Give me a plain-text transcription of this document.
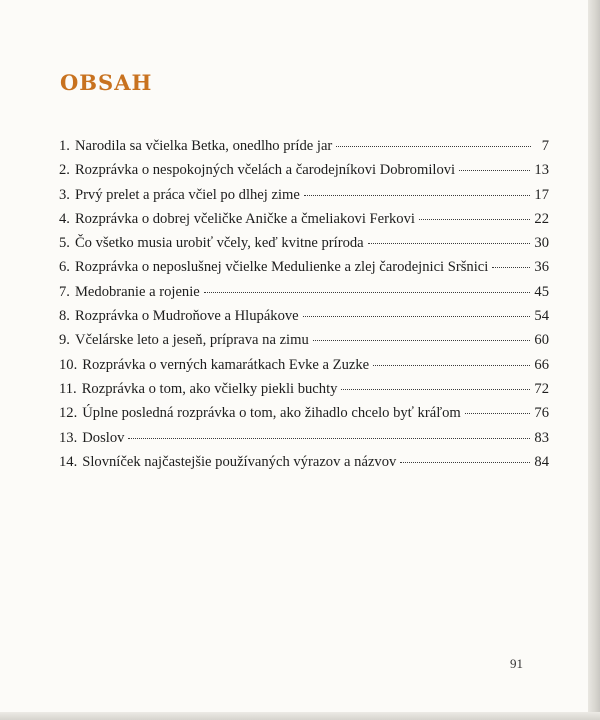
OBSAH
1. Narodila sa včielka Betka, onedlho príde jar	7
2. Rozprávka o nespokojných včelách a čarodejníkovi Dobromilovi	13
3. Prvý prelet a práca včiel po dlhej zime	17
4. Rozprávka o dobrej včeličke Aničke a čmeliakovi Ferkovi	22
5. Čo všetko musia urobiť včely, keď kvitne príroda	30
6. Rozprávka o neposlušnej včielke Medulienke a zlej čarodejnici Sršnici	36
7. Medobranie a rojenie	45
8. Rozprávka o Mudroňove a Hlupákove	54
9. Včelárske leto a jeseň, príprava na zimu	60
10. Rozprávka o verných kamarátkach Evke a Zuzke	66
11. Rozprávka o tom, ako včielky piekli buchty	72
12. Úplne posledná rozprávka o tom, ako žihadlo chcelo byť kráľom	76
13. Doslov	83
14. Slovníček najčastejšie používaných výrazov a názvov	84
91
